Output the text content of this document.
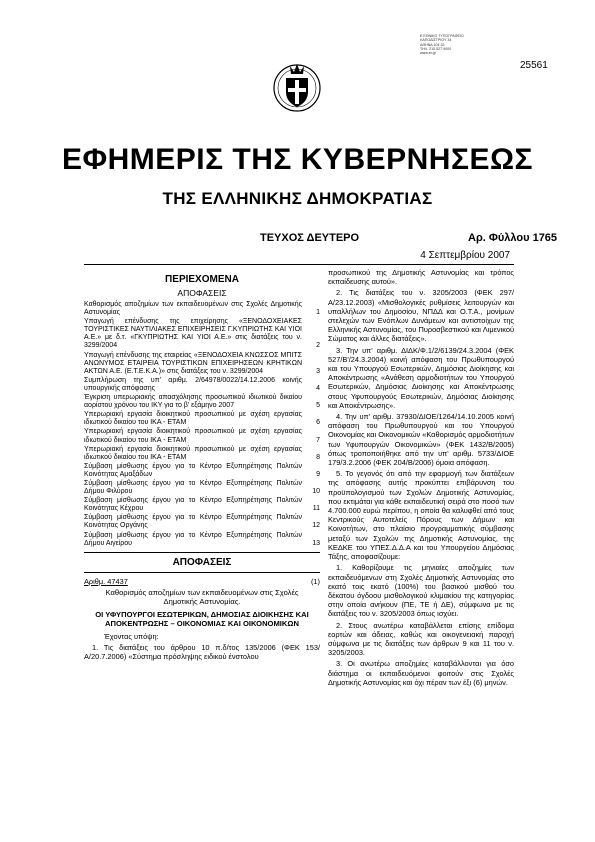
Ε.ΕΘΝΙΚΟ ΤΥΠΟΓΡΑΦΕΙΟ
ΚΑΠΟΔΙΣΤΡΙΟΥ 34
ΑΘΗΝΑ 104 32
ΤΗΛ. 210 527 9000
www.et.gr
25561
ΕΦΗΜΕΡΙΣ ΤΗΣ ΚΥΒΕΡΝΗΣΕΩΣ
ΤΗΣ ΕΛΛΗΝΙΚΗΣ ΔΗΜΟΚΡΑΤΙΑΣ
ΤΕΥΧΟΣ ΔΕΥΤΕΡΟ	Αρ. Φύλλου 1765
4 Σεπτεμβρίου 2007
ΠΕΡΙΕΧΟΜΕΝΑ
ΑΠΟΦΑΣΕΙΣ
Καθορισμός αποζημίων των εκπαιδευομένων στις Σχολές Δημοτικής Αστυνομίας	1
Υπαγωγή επένδυσης της επιχείρησης «ΞΕΝΟΔΟΧΕΙΑΚΕΣ ΤΟΥΡΙΣΤΙΚΕΣ ΝΑΥΤΙΛΙΑΚΕΣ ΕΠΙΧΕΙΡΗΣΕΙΣ Γ.ΚΥΠΡΙΩΤΗΣ ΚΑΙ ΥΙΟΙ Α.Ε.» με δ.τ. «ΓΚΥΠΡΙΩΤΗΣ ΚΑΙ ΥΙΟΙ Α.Ε.» στις διατάξεις του ν. 3299/2004	2
Υπαγωγή επένδυσης της εταιρείας «ΞΕΝΟΔΟΧΕΙΑ ΚΝΩΣΣΟΣ ΜΠΙΤΣ ΑΝΩΝΥΜΟΣ ΕΤΑΙΡΕΙΑ ΤΟΥΡΙΣΤΙΚΩΝ ΕΠΙΧΕΙΡΗΣΕΩΝ ΚΡΗΤΙΚΩΝ ΑΚΤΩΝ Α.Ε. (Ε.Τ.Ε.Κ.Α.)» στις διατάξεις του ν. 3299/2004	3
Συμπλήρωση της υπ' αριθμ. 2/64978/0022/14.12.2006 κοινής υπουργικής απόφασης	4
Έγκριση υπερωριακής απασχόλησης προσωπικού ιδιωτικού δικαίου αορίστου χρόνου του ΙΚΥ για το β' εξάμηνο 2007	5
Υπερωριακή εργασία διοικητικού προσωπικού με σχέση εργασίας ιδιωτικού δικαίου του ΙΚΑ - ΕΤΑΜ	6
Υπερωριακή εργασία διοικητικού προσωπικού με σχέση εργασίας ιδιωτικού δικαίου του ΙΚΑ - ΕΤΑΜ	7
Υπερωριακή εργασία διοικητικού προσωπικού με σχέση εργασίας ιδιωτικού δικαίου του ΙΚΑ - ΕΤΑΜ	8
Σύμβαση μίσθωσης έργου για το Κέντρο Εξυπηρέτησης Πολιτών Κοινότητας Αμαξάδων	9
Σύμβαση μίσθωσης έργου για το Κέντρο Εξυπηρέτησης Πολιτών Δήμου Φιλύρου	10
Σύμβαση μίσθωσης έργου για το Κέντρο Εξυπηρέτησης Πολιτών Κοινότητας Κέχρου	11
Σύμβαση μίσθωσης έργου για το Κέντρο Εξυπηρέτησης Πολιτών Κοινότητας Οργάνης	12
Σύμβαση μίσθωσης έργου για το Κέντρο Εξυπηρέτησης Πολιτών Δήμου Αιγείρου	13
ΑΠΟΦΑΣΕΙΣ
Αριθμ. 47437	(1)
Καθορισμός αποζημίων των εκπαιδευομένων στις Σχολές Δημοτικής Αστυνομίας.
ΟΙ ΥΦΥΠΟΥΡΓΟΙ ΕΣΩΤΕΡΙΚΩΝ, ΔΗΜΟΣΙΑΣ ΔΙΟΙΚΗΣΗΣ ΚΑΙ ΑΠΟΚΕΝΤΡΩΣΗΣ – ΟΙΚΟΝΟΜΙΑΣ ΚΑΙ ΟΙΚΟΝΟΜΙΚΩΝ
Έχοντας υπόψη:
1. Τις διατάξεις του άρθρου 10 π.δ/τος 135/2006 (ΦΕΚ 153/Α/20.7.2006) «Σύστημα πρόσληψης ειδικού ένστολου
προσωπικού της Δημοτικής Αστυνομίας και τρόπος εκπαίδευσης αυτού».
2. Τις διατάξεις του ν. 3205/2003 (ΦΕΚ 297/Α/23.12.2003) «Μισθολογικές ρυθμίσεις λειτουργών και υπαλλήλων του Δημοσίου, ΝΠΔΔ και Ο.Τ.Α., μονίμων στελεχών των Ενόπλων Δυνάμεων και αντιστοίχων της Ελληνικής Αστυνομίας, του Πυροσβεστικού και Λιμενικού Σώματος και άλλες διατάξεις».
3. Την υπ' αριθμ. ΔΙΔΚ/Φ.1/2/6139/24.3.2004 (ΦΕΚ 527/Β'/24.3.2004) κοινή απόφαση του Πρωθυπουργού και του Υπουργού Εσωτερικών, Δημόσιας Διοίκησης και Αποκέντρωσης «Ανάθεση αρμοδιοτήτων του Υπουργού Εσωτερικών, Δημόσιας Διοίκησης και Αποκέντρωσης στους Υφυπουργούς Εσωτερικών, Δημόσιας Διοίκησης και Αποκέντρωσης».
4. Την υπ' αριθμ. 37930/ΔΙΟΕ/1264/14.10.2005 κοινή απόφαση του Πρωθυπουργού και του Υπουργού Οικονομίας και Οικονομικών «Καθορισμός αρμοδιοτήτων των Υφυπουργών Οικονομικών» (ΦΕΚ 1432/Β/2005) όπως τροποποιήθηκε από την υπ' αριθμ. 5733/ΔΙΟΕ 179/3.2.2006 (ΦΕΚ 204/Β/2006) όμοια απόφαση.
5. Το γεγονός ότι από την εφαρμογή των διατάξεων της απόφασης αυτής προκύπτει επιβάρυνση του προϋπολογισμού των Σχολών Δημοτικής Αστυνομίας, που εκτιμάται για κάθε εκπαιδευτική σειρά στο ποσό των 4.700.000 ευρώ περίπου, η οποία θα καλυφθεί από τους Κεντρικούς Αυτοτελείς Πόρους των Δήμων και Κοινοτήτων, στο πλαίσιο προγραμματικής σύμβασης μεταξύ των Σχολών της Δημοτικής Αστυνομίας, της ΚΕΔΚΕ του ΥΠΕΣ.Δ.Δ.Α και του Υπουργείου Δημόσιας Τάξης, αποφασίζουμε:
1. Καθορίζουμε τις μηνιαίες αποζημίες των εκπαιδευόμενων στη Σχολές Δημοτικής Αστυνομίας στο εκατό τοις εκατό (100%) του βασικού μισθού του δέκατου όγδοου μισθολογικού κλιμακίου της κατηγορίας στην οποία ανήκουν (ΠΕ, ΤΕ ή ΔΕ), σύμφωνα με τις διατάξεις του ν. 3205/2003 όπως ισχύει.
2. Στους ανωτέρω καταβάλλεται επίσης επίδομα εορτών και άδειας, καθώς και οικογενειακή παροχή σύμφωνα με τις διατάξεις των άρθρων 9 και 11 του ν. 3205/2003.
3. Οι ανωτέρω αποζημίες καταβάλλονται για όσο διάστημα οι εκπαιδευόμενοι φοιτούν στις Σχολές Δημοτικής Αστυνομίας και όχι πέραν των έξι (6) μηνών.
